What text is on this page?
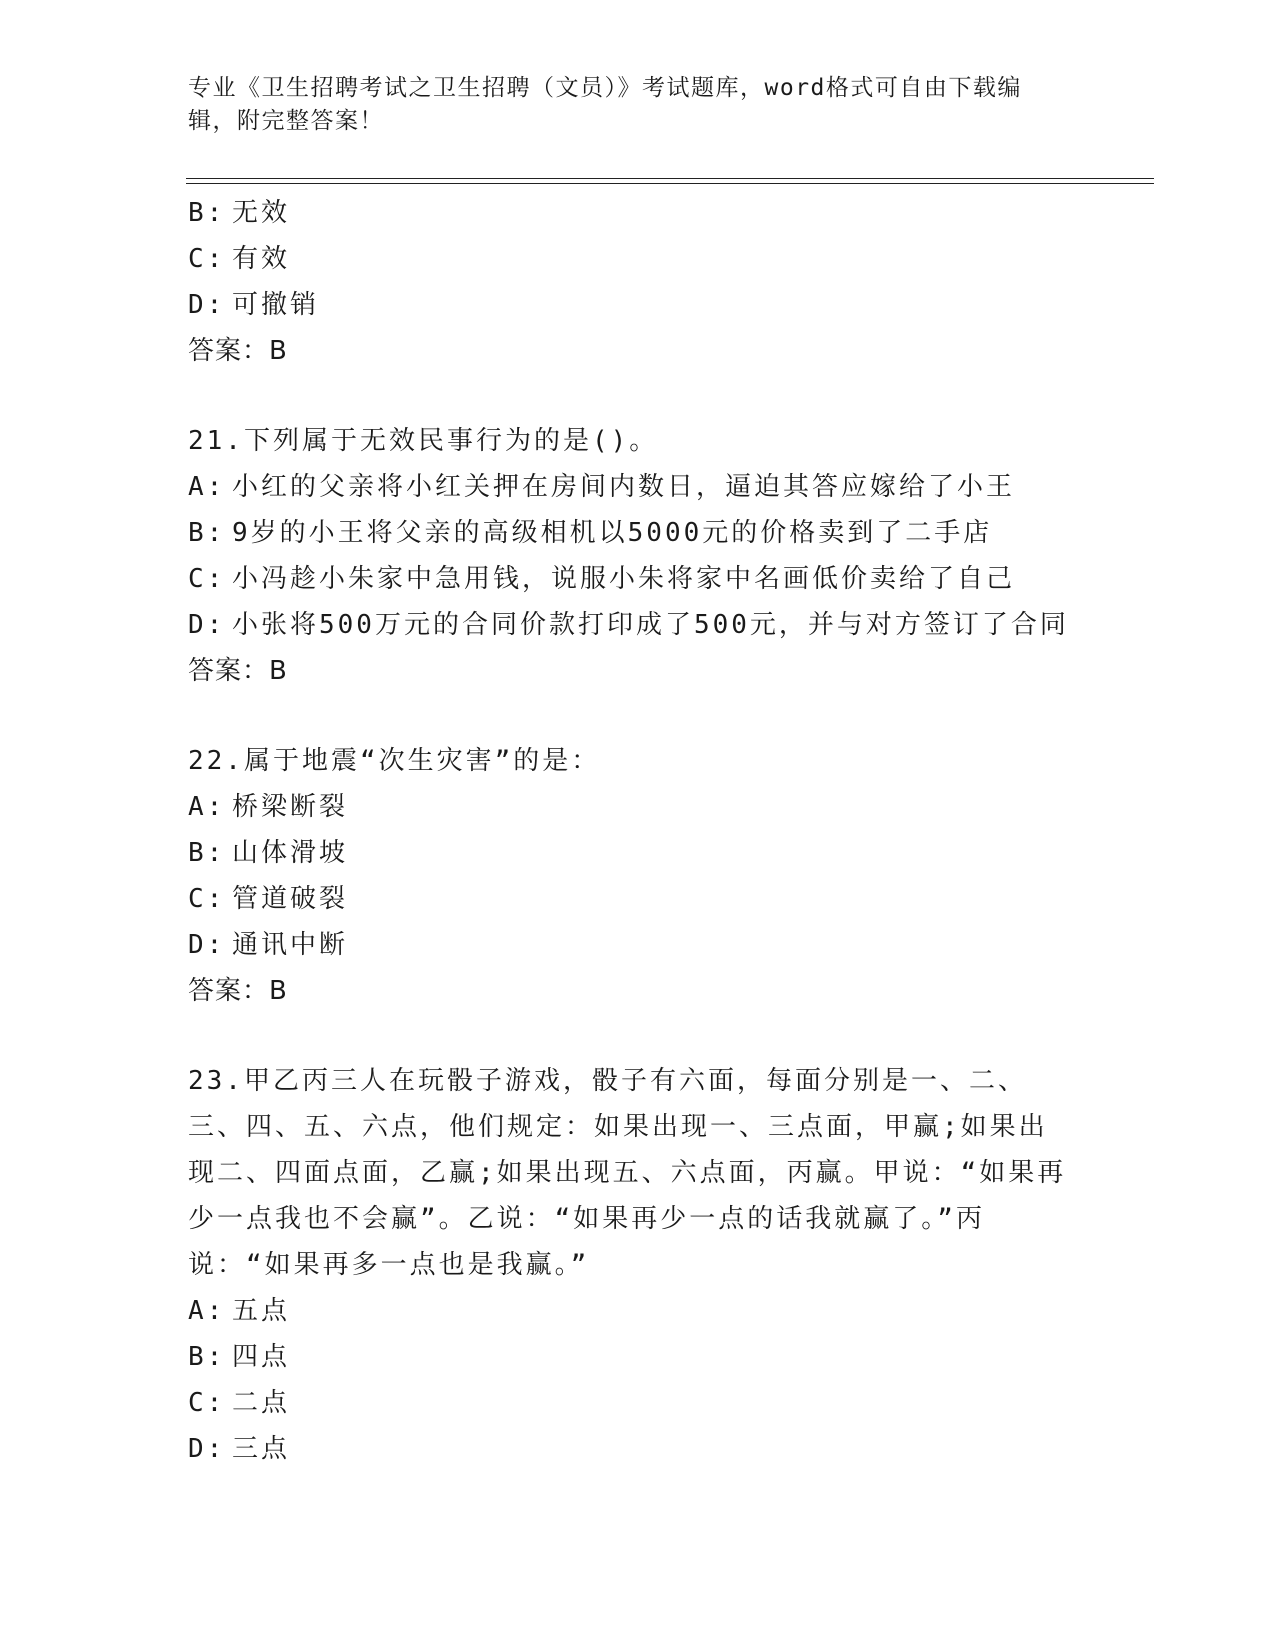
专业《卫生招聘考试之卫生招聘（文员）》考试题库，word格式可自由下载编辑，附完整答案！
B: 无效
C: 有效
D: 可撤销
答案：B
21.下列属于无效民事行为的是()。
A: 小红的父亲将小红关押在房间内数日，逼迫其答应嫁给了小王
B: 9岁的小王将父亲的高级相机以5000元的价格卖到了二手店
C: 小冯趁小朱家中急用钱，说服小朱将家中名画低价卖给了自己
D: 小张将500万元的合同价款打印成了500元，并与对方签订了合同
答案：B
22.属于地震“次生灾害”的是：
A: 桥梁断裂
B: 山体滑坡
C: 管道破裂
D: 通讯中断
答案：B
23.甲乙丙三人在玩骰子游戏，骰子有六面，每面分别是一、二、三、四、五、六点，他们规定：如果出现一、三点面，甲赢;如果出现二、四面点面，乙赢;如果出现五、六点面，丙赢。甲说：“如果再少一点我也不会赢”。乙说：“如果再少一点的话我就赢了。”丙说：“如果再多一点也是我赢。”
A: 五点
B: 四点
C: 二点
D: 三点
